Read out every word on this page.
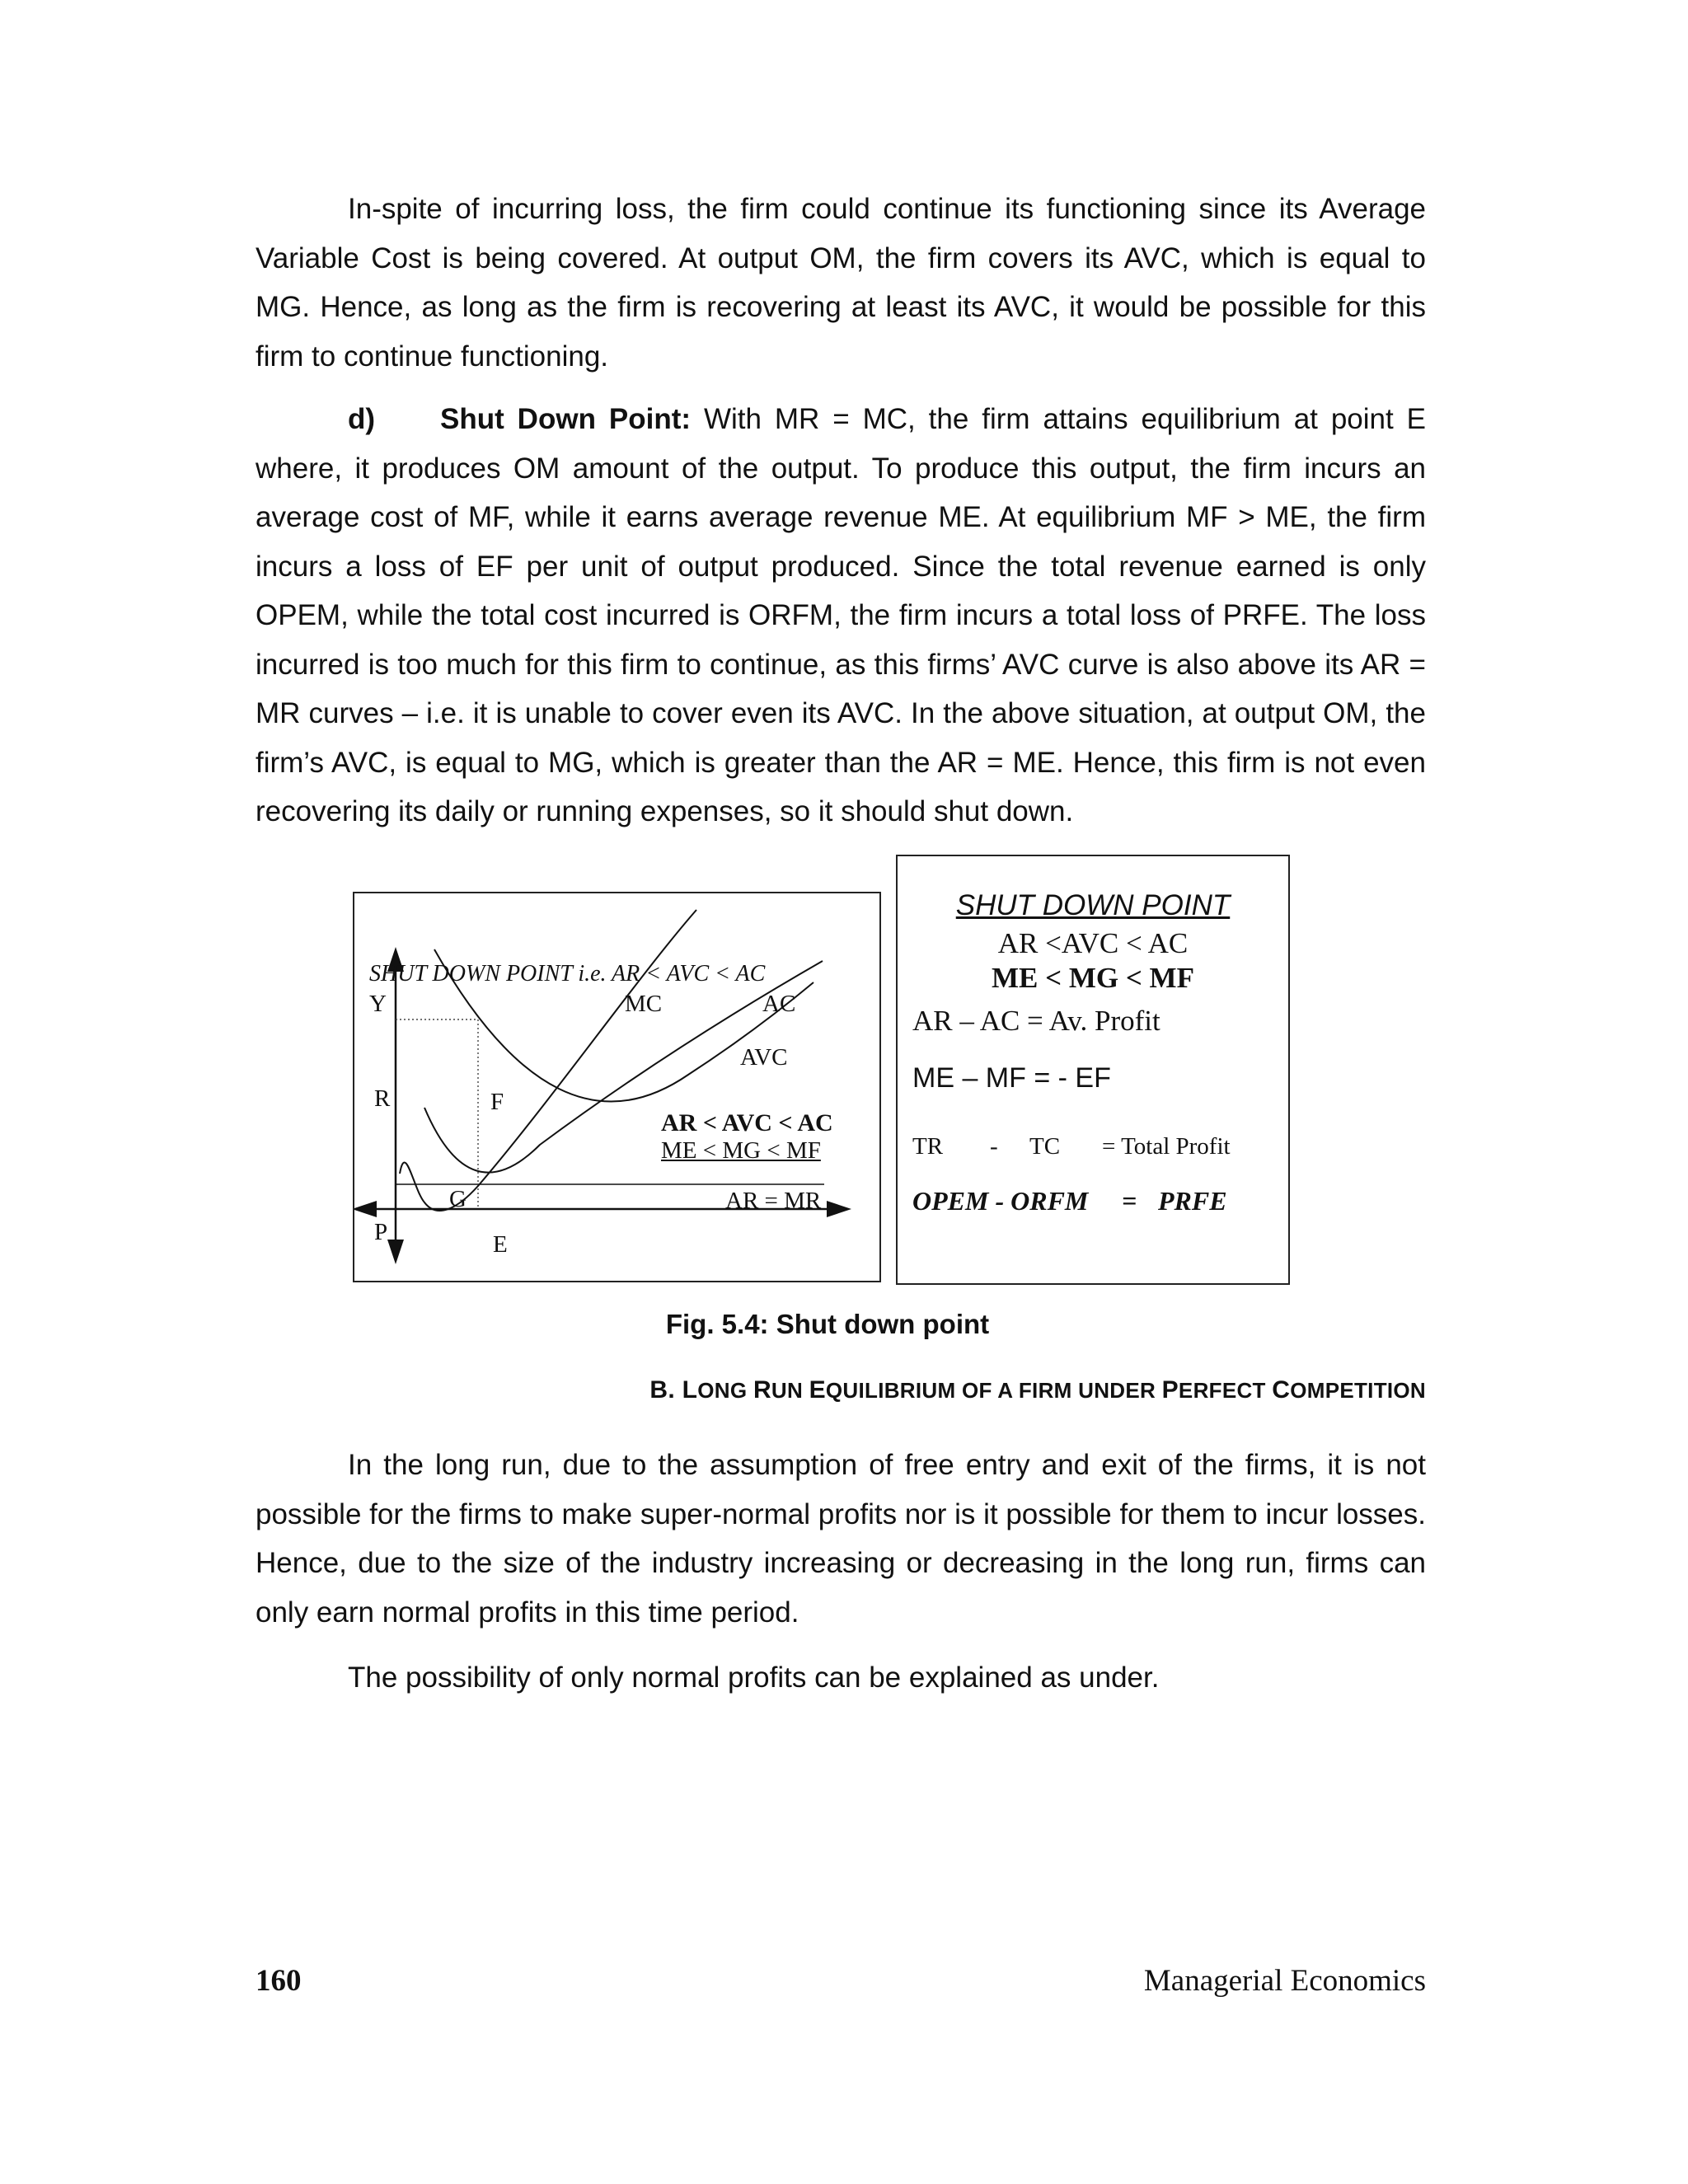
In-spite of incurring loss, the firm could continue its functioning since its Average Variable Cost is being covered. At output OM, the firm covers its AVC, which is equal to MG. Hence, as long as the firm is recovering at least its AVC, it would be possible for this firm to continue functioning.

d) Shut Down Point: With MR = MC, the firm attains equilibrium at point E where, it produces OM amount of the output. To produce this output, the firm incurs an average cost of MF, while it earns average revenue ME. At equilibrium MF > ME, the firm incurs a loss of EF per unit of output produced. Since the total revenue earned is only OPEM, while the total cost incurred is ORFM, the firm incurs a total loss of PRFE. The loss incurred is too much for this firm to continue, as this firms’ AVC curve is also above its AR = MR curves – i.e. it is unable to cover even its AVC. In the above situation, at output OM, the firm’s AVC, is equal to MG, which is greater than the AR = ME. Hence, this firm is not even recovering its daily or running expenses, so it should shut down.

SHUT DOWN POINT i.e. AR < AVC < AC
Y	MC	AC
AVC
R	F
AR < AVC < AC
ME < MG < MF
G	AR = MR
P	E
SHUT DOWN POINT
AR <AVC < AC
ME < MG < MF
AR – AC = Av. Profit
ME – MF = - EF
TR - TC = Total Profit
OPEM - ORFM = PRFE
Fig. 5.4: Shut down point
B. LONG RUN EQUILIBRIUM OF A FIRM UNDER PERFECT COMPETITION

In the long run, due to the assumption of free entry and exit of the firms, it is not possible for the firms to make super-normal profits nor is it possible for them to incur losses. Hence, due to the size of the industry increasing or decreasing in the long run, firms can only earn normal profits in this time period.

The possibility of only normal profits can be explained as under.

160	Managerial Economics
